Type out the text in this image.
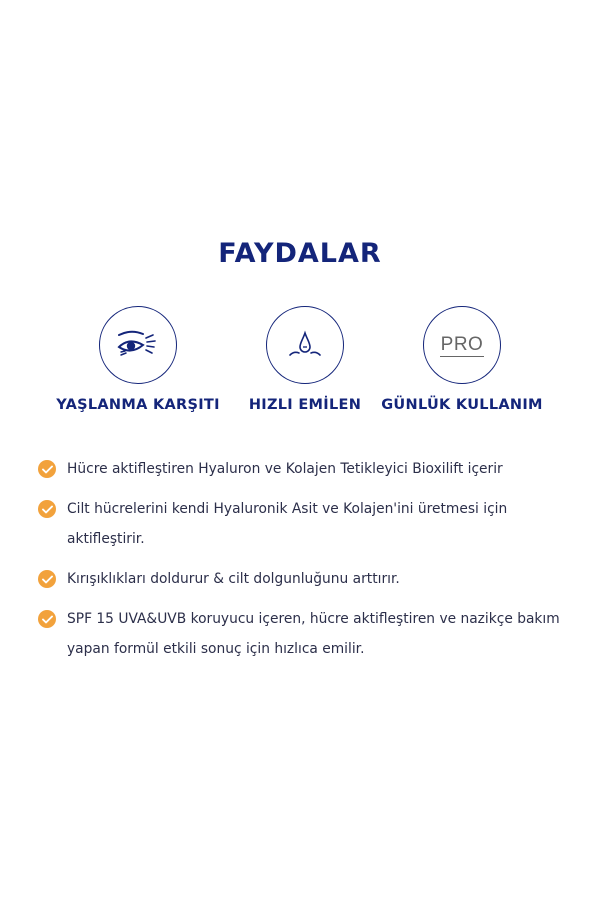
FAYDALAR
YAŞLANMA KARŞITI	HIZLI EMİLEN
PRO
GÜNLÜK KULLANIM
Hücre aktifleştiren Hyaluron ve Kolajen Tetikleyici Bioxilift içerir
Cilt hücrelerini kendi Hyaluronik Asit ve Kolajen'ini üretmesi için aktifleştirir.
Kırışıklıkları doldurur & cilt dolgunluğunu arttırır.
SPF 15 UVA&UVB koruyucu içeren, hücre aktifleştiren ve nazikçe bakım yapan formül etkili sonuç için hızlıca emilir.
